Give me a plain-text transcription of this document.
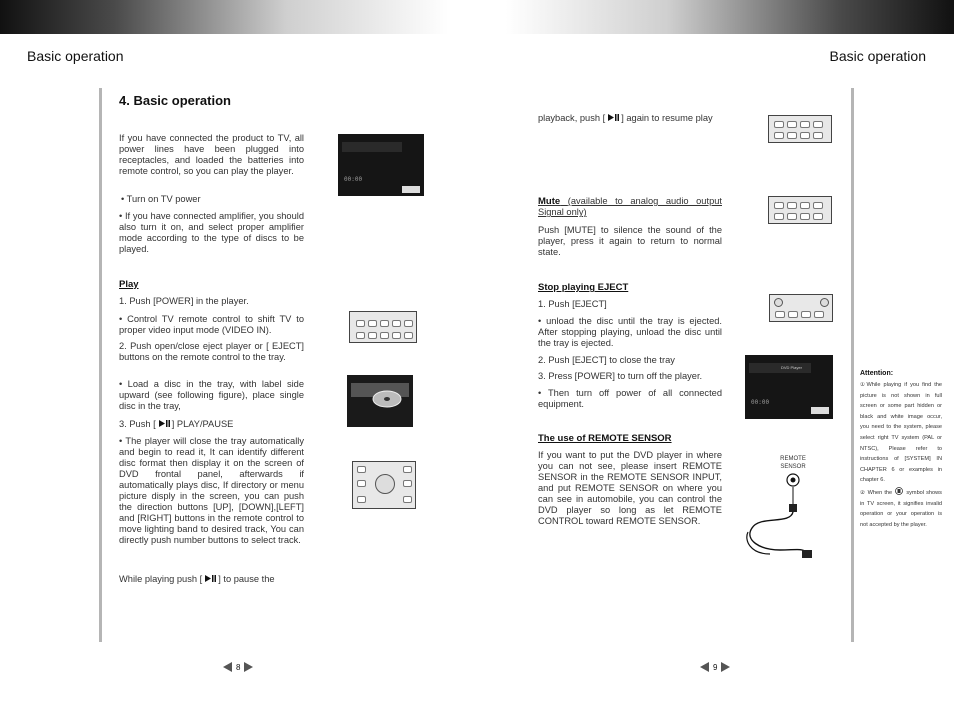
Basic operation	Basic operation
4. Basic operation
If you have connected the product to TV, all power lines have been plugged into receptacles, and loaded the batteries into remote control, so you can play the player.
• Turn on TV power
• If you have connected amplifier, you should also turn it on, and select proper amplifier mode according to the type of discs to be played.
Play
1. Push [POWER] in the player.
• Control TV remote control to shift TV to proper video input mode (VIDEO IN).
2. Push open/close eject player or [ EJECT] buttons on the remote control to the tray.
• Load a disc in the tray, with label side upward (see following figure), place single disc in the tray,
3. Push [ ] PLAY/PAUSE
• The player will close the tray automatically and begin to read it, It can identify different disc format then display it on the screen of DVD frontal panel, afterwards if automatically plays disc, If directory or menu picture disply in the screen, you can push the direction buttons [UP], [DOWN],[LEFT] and [RIGHT] buttons in the remote control to move lighting band to desired track, You can directly push number buttons to select track.
While playing push [ ] to pause the
00:00
playback, push [ ] again to resume play
Mute (available to analog audio output Signal only)
Push [MUTE] to silence the sound of the player, press it again to return to normal state.
Stop playing EJECT
1. Push [EJECT]
• unload the disc until the tray is ejected. After stopping playing, unload the disc until the tray is ejected.
2. Push [EJECT] to close the tray
3. Press [POWER] to turn off the player.
• Then turn off power of all connected equipment.
The use of REMOTE SENSOR
If you want to put the DVD player in where you can not see, please insert REMOTE SENSOR in the REMOTE SENSOR INPUT, and put REMOTE SENSOR on where you can see in automobile, you can control the DVD player so long as let REMOTE CONTROL toward REMOTE SENSOR.
DVD Player
00:00
REMOTE SENSOR
Attention:
①While playing if you find the picture is not shown in full screen or some part hidden or black and white image occur, you need to the system, please select right TV system (PAL or NTSC), Please refer to instructions of [SYSTEM] IN CHAPTER 6 or examples in chapter 6.
② When the	symbol shows in TV screen, it signifies invalid operation or your operation is not accepted by the player.
8	9
